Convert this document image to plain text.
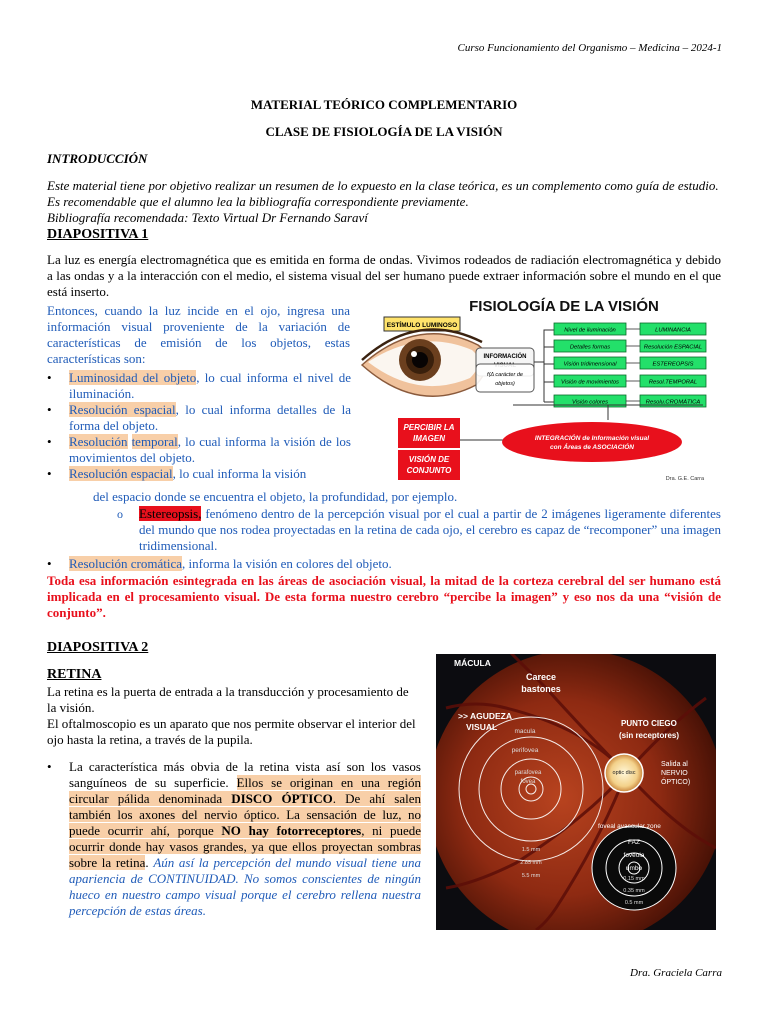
Curso Funcionamiento del Organismo – Medicina – 2024-1
MATERIAL TEÓRICO COMPLEMENTARIO
CLASE DE FISIOLOGÍA DE LA VISIÓN
INTRODUCCIÓN
Este material tiene por objetivo realizar un resumen de lo expuesto en la clase teórica, es un complemento como guía de estudio. Es recomendable que el alumno lea la bibliografía correspondiente previamente.
Bibliografía recomendada: Texto Virtual Dr Fernando Saraví
DIAPOSITIVA 1
La luz es energía electromagnética que es emitida en forma de ondas. Vivimos rodeados de radiación electromagnética y debido a las ondas y a la interacción con el medio, el sistema visual del ser humano puede extraer información sobre el mundo en el que está inserto.
Entonces, cuando la luz incide en el ojo, ingresa una información visual proveniente de la variación de características de emisión de los objetos, estas características son:
FISIOLOGÍA DE LA VISIÓN
ESTÍMULO LUMINOSO
INFORMACIÓN
f(Δ carácter de
objetos)
Nivel de iluminación	LUMINANCIA
Detalles formas	Resolución ESPACIAL
Visión tridimensional	ESTEREOPSIS
Visión de movimientos	Resol.TEMPORAL
Visión colores	Resolu.CROMÁTICA
PERCIBIR LA
IMAGEN
VISIÓN DE
CONJUNTO
INTEGRACIÓN de Información visual
con Áreas de ASOCIACIÓN
Dra. G.E. Carra
• Luminosidad del objeto, lo cual informa el nivel de iluminación.
• Resolución espacial, lo cual informa detalles de la forma del objeto.
• Resolución temporal, lo cual informa la visión de los movimientos del objeto.
• Resolución espacial, lo cual informa la visión
del espacio donde se encuentra el objeto, la profundidad, por ejemplo.
o Estereopsis, fenómeno dentro de la percepción visual por el cual a partir de 2 imágenes ligeramente diferentes del mundo que nos rodea proyectadas en la retina de cada ojo, el cerebro es capaz de “recomponer” una imagen tridimensional.
• Resolución cromática, informa la visión en colores del objeto.
Toda esa información esintegrada en las áreas de asociación visual, la mitad de la corteza cerebral del ser humano está implicada en el procesamiento visual. De esta forma nuestro cerebro “percibe la imagen” y eso nos da una “visión de conjunto”.
DIAPOSITIVA 2
RETINA
La retina es la puerta de entrada a la transducción y procesamiento de la visión.
El oftalmoscopio es un aparato que nos permite observar el interior del ojo hasta la retina, a través de la pupila.
• La característica más obvia de la retina vista así son los vasos sanguíneos de su superficie. Ellos se originan en una región circular pálida denominada DISCO ÓPTICO. De ahí salen también los axones del nervio óptico. La sensación de luz, no puede ocurrir ahí, porque NO hay fotorreceptores, ni puede ocurrir donde hay vasos grandes, ya que ellos proyectan sombras sobre la retina. Aún así la percepción del mundo visual tiene una apariencia de CONTINUIDAD. No somos conscientes de ningún hueco en nuestro campo visual porque el cerebro rellena nuestra percepción de estas áreas.
MÁCULA
Carece
bastones
>> AGUDEZA
VISUAL	PUNTO CIEGO
(sin receptores)
macula
perifovea
parafovea
fovea
optic disc
Salida al
NERVIO
ÓPTICO)
foveal avascular zone
FAZ
foveola
umbo
1.5 mm
2.85 mm
5.5 mm	0.15 mm
0.35 mm
0.5 mm
Dra. Graciela Carra
